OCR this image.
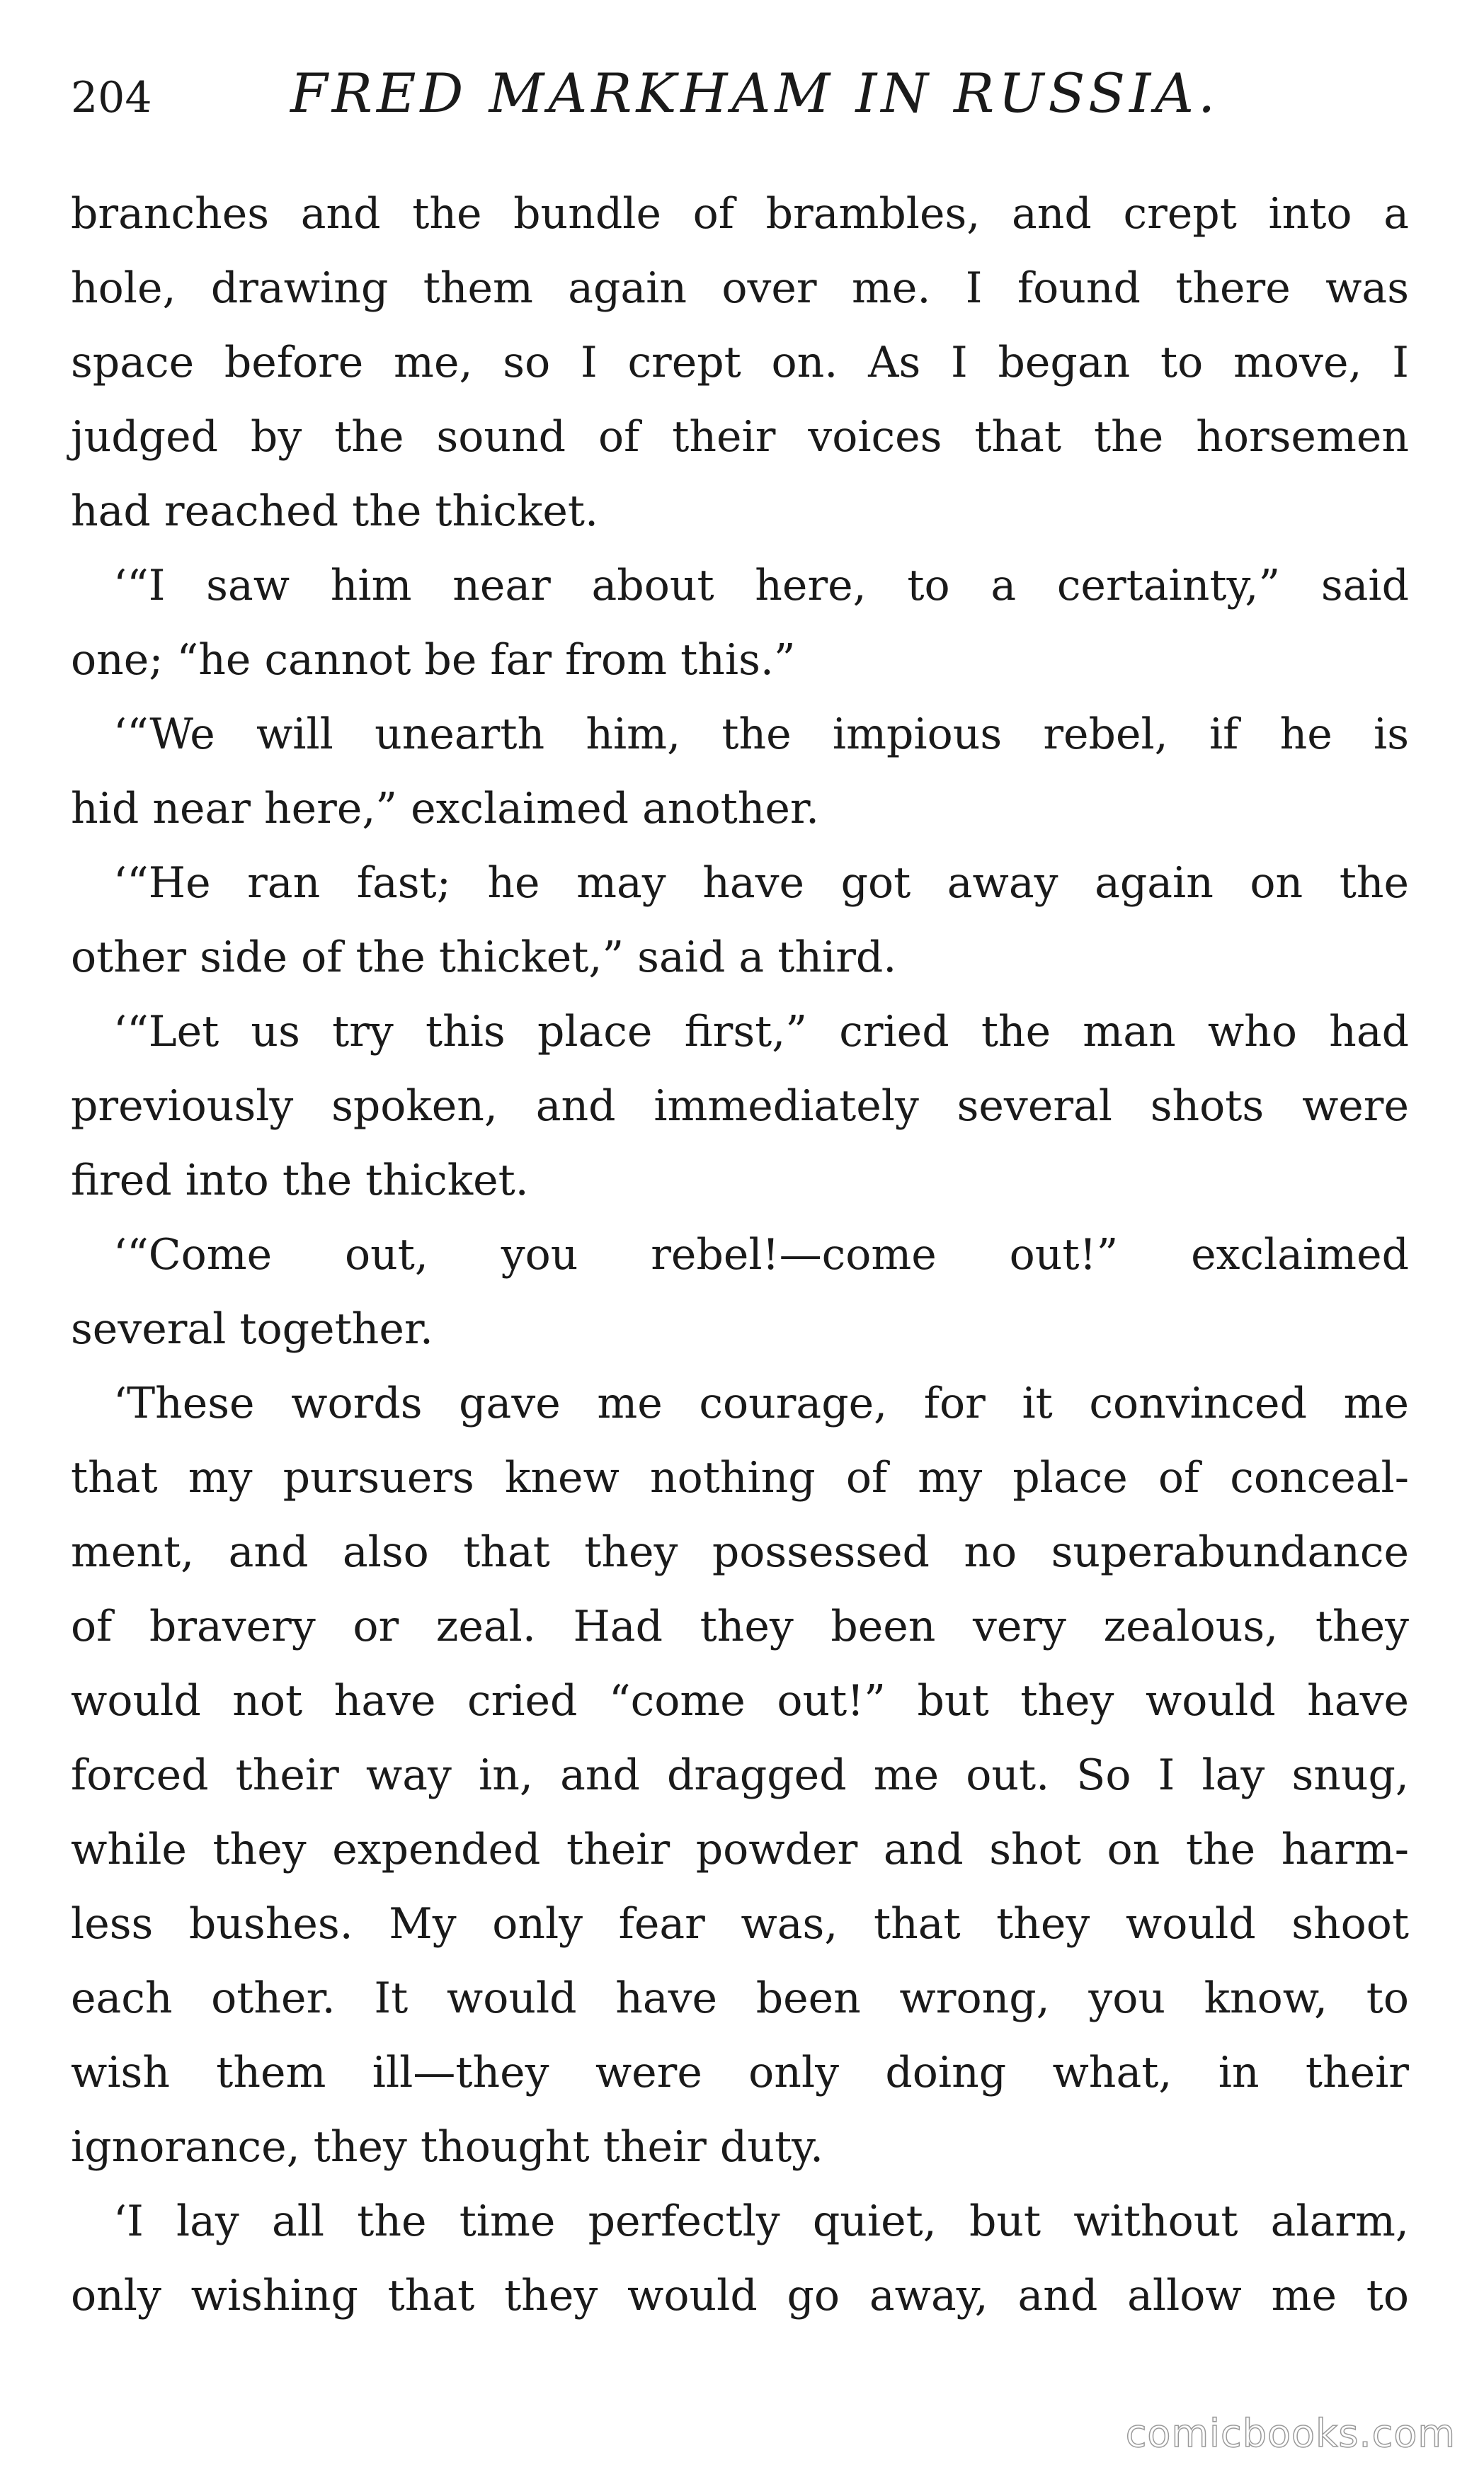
204	FRED MARKHAM IN RUSSIA.
branches and the bundle of brambles, and crept into a
hole, drawing them again over me. I found there was
space before me, so I crept on. As I began to move, I
judged by the sound of their voices that the horsemen
had reached the thicket.
‘“I saw him near about here, to a certainty,” said
one; “he cannot be far from this.”
‘“We will unearth him, the impious rebel, if he is
hid near here,” exclaimed another.
‘“He ran fast; he may have got away again on the
other side of the thicket,” said a third.
‘“Let us try this place first,” cried the man who had
previously spoken, and immediately several shots were
fired into the thicket.
‘“Come out, you rebel!—come out!” exclaimed
several together.
‘These words gave me courage, for it convinced me
that my pursuers knew nothing of my place of conceal-
ment, and also that they possessed no superabundance
of bravery or zeal. Had they been very zealous, they
would not have cried “come out!” but they would have
forced their way in, and dragged me out. So I lay snug,
while they expended their powder and shot on the harm-
less bushes. My only fear was, that they would shoot
each other. It would have been wrong, you know, to
wish them ill—they were only doing what, in their
ignorance, they thought their duty.
‘I lay all the time perfectly quiet, but without alarm,
only wishing that they would go away, and allow me to
comicbooks.com
